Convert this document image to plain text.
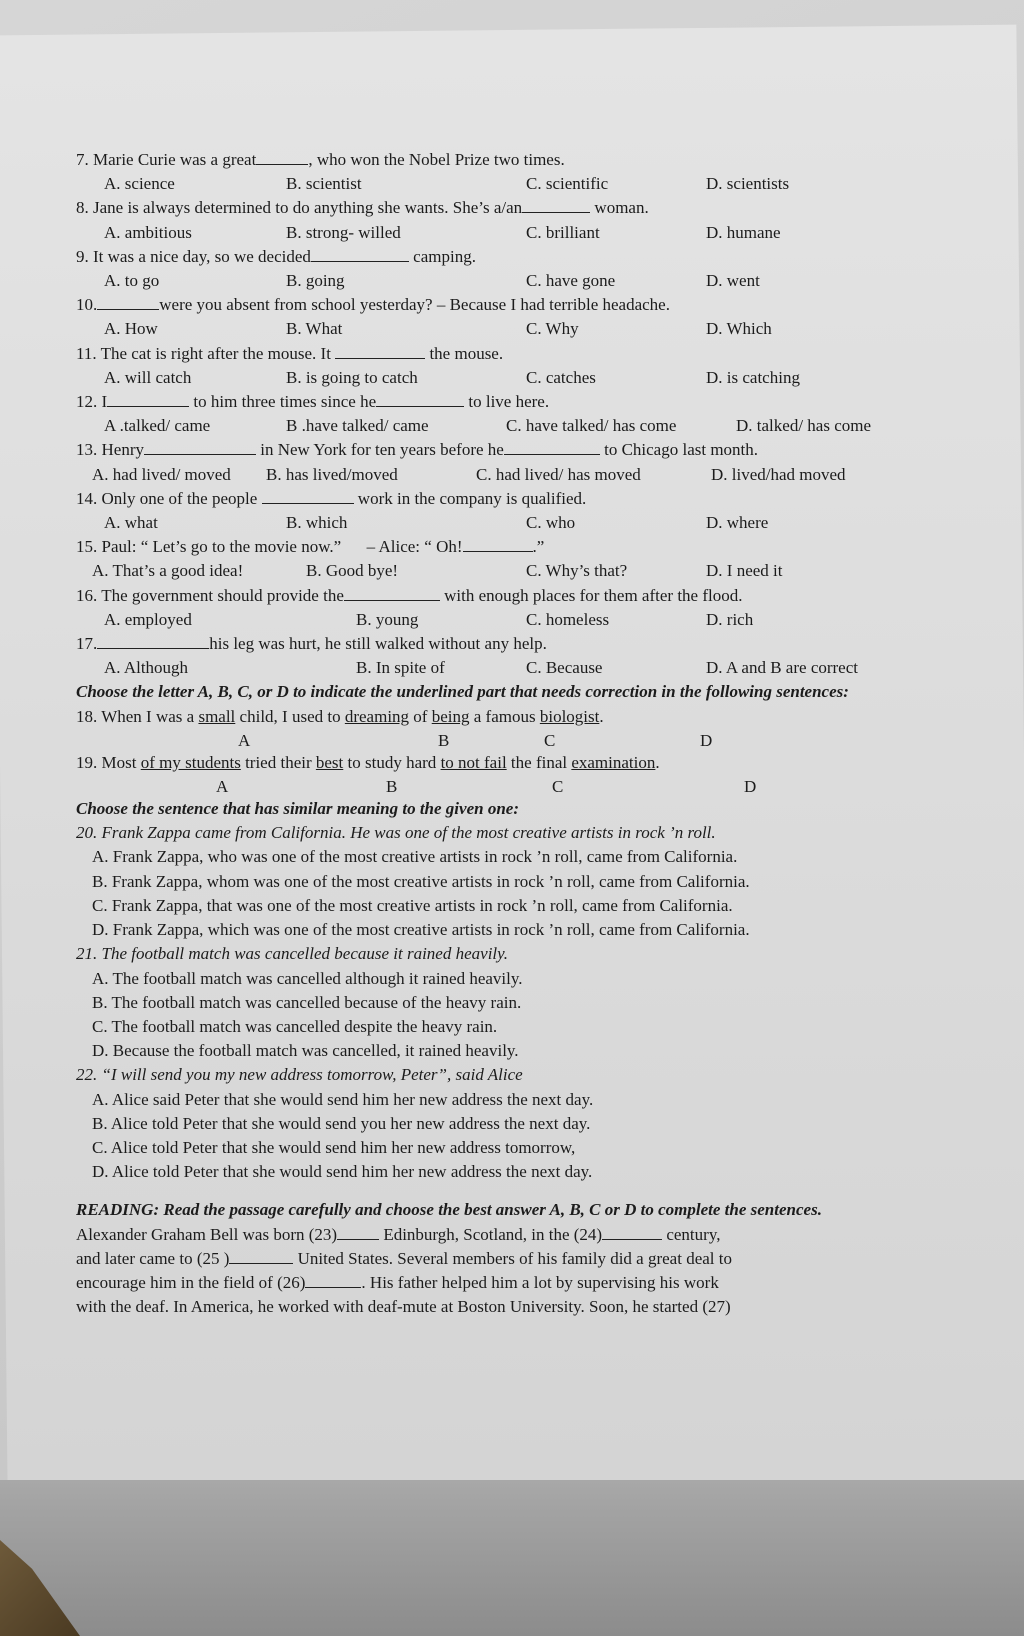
7. Marie Curie was a great	, who won the Nobel Prize two times.
A. science	B. scientist	C. scientific	D. scientists
8. Jane is always determined to do anything she wants. She’s a/an	woman.
A. ambitious	B. strong- willed	C. brilliant	D. humane
9. It was a nice day, so we decided	camping.
A. to go	B. going	C. have gone	D. went
10.	were you absent from school yesterday? – Because I had terrible headache.
A. How	B. What	C. Why	D. Which
11. The cat is right after the mouse. It	the mouse.
A. will catch	B. is going to catch	C. catches	D. is catching
12. I	to him three times since he	to live here.
A .talked/ came	B .have talked/ came	C. have talked/ has come	D. talked/ has come
13. Henry	in New York for ten years before he	to Chicago last month.
A. had lived/ moved	B. has lived/moved	C. had lived/ has moved	D. lived/had moved
14. Only one of the people	work in the company is qualified.
A. what	B. which	C. who	D. where
15. Paul: “ Let’s go to the movie now.”      – Alice: “ Oh!	.”
A. That’s a good idea!	B. Good bye!	C. Why’s that?	D. I need it
16. The government should provide the	with enough places for them after the flood.
A. employed	B. young	C. homeless	D. rich
17.	his leg was hurt, he still walked without any help.
A. Although	B. In spite of	C. Because	D. A and B are correct
Choose the letter A, B, C, or D to indicate the underlined part that needs correction in the following sentences:
18. When I was a small child, I used to dreaming of being a famous biologist.
A	B	C	D
19. Most of my students tried their best to study hard to not fail the final examination.
A	B	C	D
Choose the sentence that has similar meaning to the given one:
20. Frank Zappa came from California. He was one of the most creative artists in rock ’n roll.
A. Frank Zappa, who was one of the most creative artists in rock ’n roll, came from California.
B. Frank Zappa, whom was one of the most creative artists in rock ’n roll, came from California.
C. Frank Zappa, that was one of the most creative artists in rock ’n roll, came from California.
D. Frank Zappa, which was one of the most creative artists in rock ’n roll, came from California.
21. The football match was cancelled because it rained heavily.
A. The football match was cancelled although it rained heavily.
B. The football match was cancelled because of the heavy rain.
C. The football match was cancelled despite the heavy rain.
D. Because the football match was cancelled, it rained heavily.
22. “I will send you my new address tomorrow, Peter”, said Alice
A. Alice said Peter that she would send him her new address the next day.
B. Alice told Peter that she would send you her new address the next day.
C. Alice told Peter that she would send him her new address tomorrow,
D. Alice told Peter that she would send him her new address the next day.
READING: Read the passage carefully and choose the best answer A, B, C or D to complete the sentences.
Alexander Graham Bell was born (23)	Edinburgh, Scotland, in the (24)	century,
and later came to (25 )	United States. Several members of his family did a great deal to
encourage him in the field of (26)	. His father helped him a lot by supervising his work
with the deaf. In America, he worked with deaf-mute at Boston University. Soon, he started (27)
